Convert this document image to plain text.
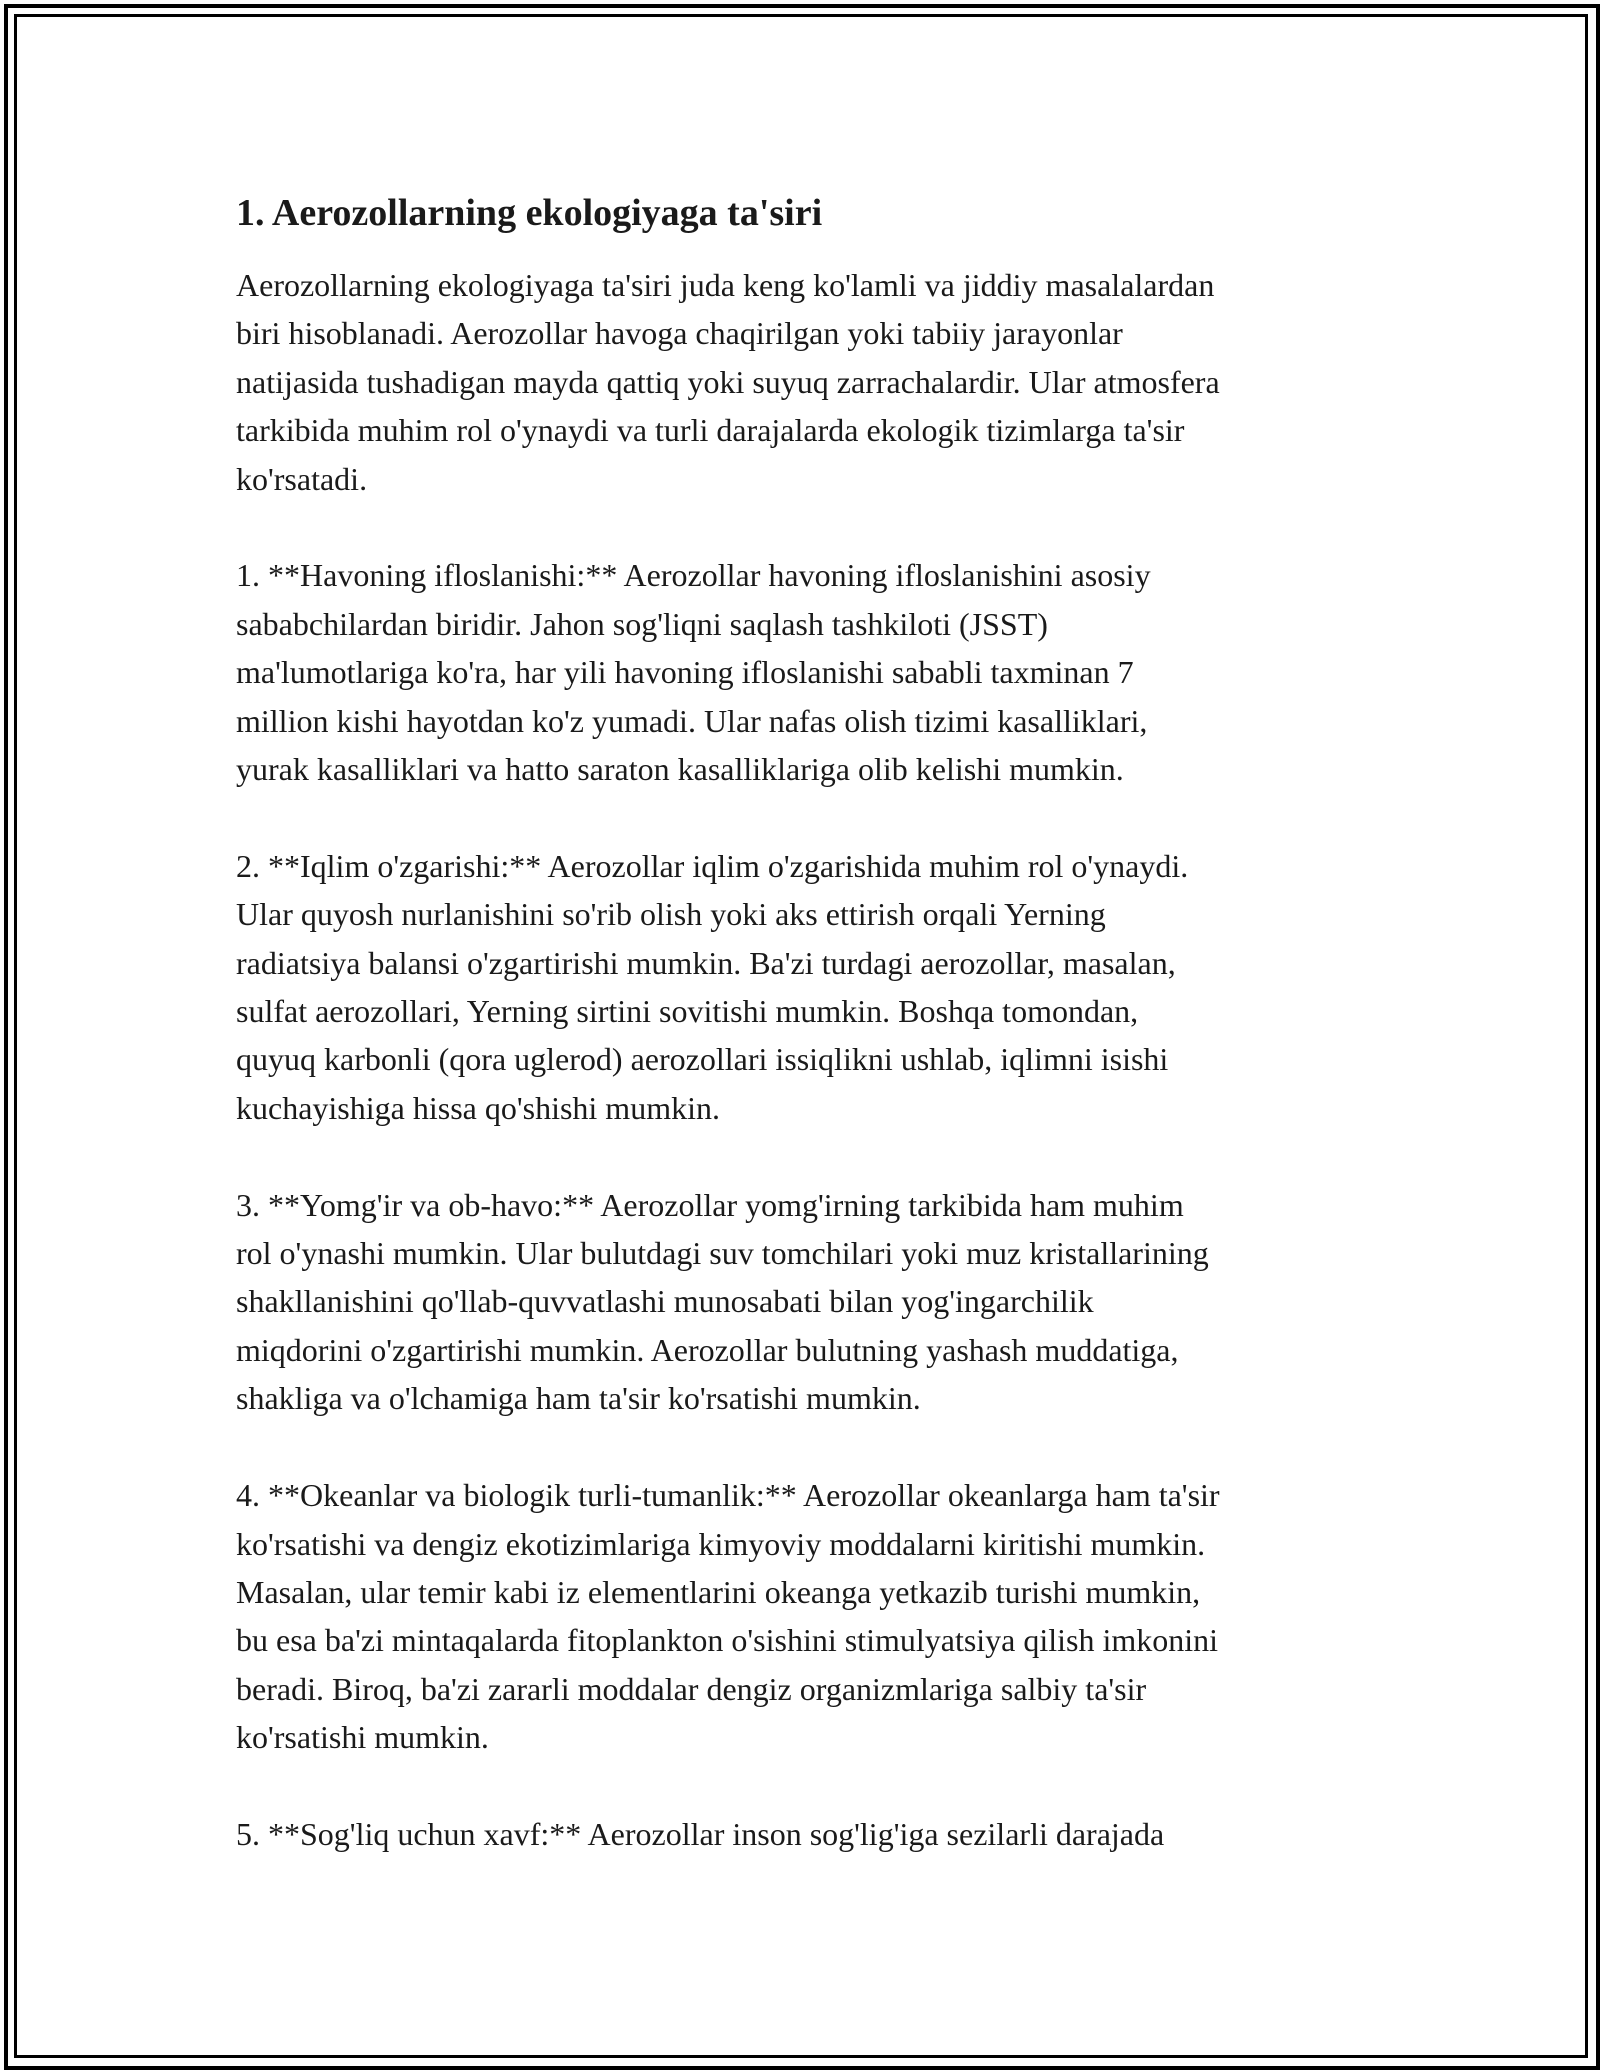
1. Aerozollarning ekologiyaga ta'siri

Aerozollarning ekologiyaga ta'siri juda keng ko'lamli va jiddiy masalalardan
biri hisoblanadi. Aerozollar havoga chaqirilgan yoki tabiiy jarayonlar
natijasida tushadigan mayda qattiq yoki suyuq zarrachalardir. Ular atmosfera
tarkibida muhim rol o'ynaydi va turli darajalarda ekologik tizimlarga ta'sir
ko'rsatadi.

1. **Havoning ifloslanishi:** Aerozollar havoning ifloslanishini asosiy
sababchilardan biridir. Jahon sog'liqni saqlash tashkiloti (JSST)
ma'lumotlariga ko'ra, har yili havoning ifloslanishi sababli taxminan 7
million kishi hayotdan ko'z yumadi. Ular nafas olish tizimi kasalliklari,
yurak kasalliklari va hatto saraton kasalliklariga olib kelishi mumkin.

2. **Iqlim o'zgarishi:** Aerozollar iqlim o'zgarishida muhim rol o'ynaydi.
Ular quyosh nurlanishini so'rib olish yoki aks ettirish orqali Yerning
radiatsiya balansi o'zgartirishi mumkin. Ba'zi turdagi aerozollar, masalan,
sulfat aerozollari, Yerning sirtini sovitishi mumkin. Boshqa tomondan,
quyuq karbonli (qora uglerod) aerozollari issiqlikni ushlab, iqlimni isishi
kuchayishiga hissa qo'shishi mumkin.

3. **Yomg'ir va ob-havo:** Aerozollar yomg'irning tarkibida ham muhim
rol o'ynashi mumkin. Ular bulutdagi suv tomchilari yoki muz kristallarining
shakllanishini qo'llab-quvvatlashi munosabati bilan yog'ingarchilik
miqdorini o'zgartirishi mumkin. Aerozollar bulutning yashash muddatiga,
shakliga va o'lchamiga ham ta'sir ko'rsatishi mumkin.

4. **Okeanlar va biologik turli-tumanlik:** Aerozollar okeanlarga ham ta'sir
ko'rsatishi va dengiz ekotizimlariga kimyoviy moddalarni kiritishi mumkin.
Masalan, ular temir kabi iz elementlarini okeanga yetkazib turishi mumkin,
bu esa ba'zi mintaqalarda fitoplankton o'sishini stimulyatsiya qilish imkonini
beradi. Biroq, ba'zi zararli moddalar dengiz organizmlariga salbiy ta'sir
ko'rsatishi mumkin.

5. **Sog'liq uchun xavf:** Aerozollar inson sog'lig'iga sezilarli darajada
